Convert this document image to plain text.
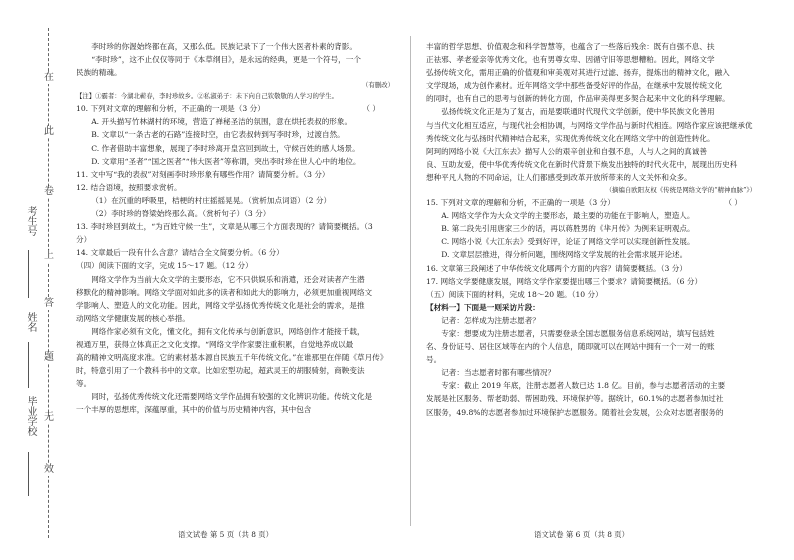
在
此
卷
上
答
题
无
效
考生号
姓名
毕业学校

李时珍的你渥始终都在高，又那么低。民族记录下了一个伟大医者朴素的背影。

“李时珍”，这不止仅仅等同于《本草纲目》，是永远的经典，更是一个符号，一个

民族的精魂。

（有删改）

【注】①霸者：今湖北蕲春，李时珍故乡。②私淑弟子：未下向自己钦敬敬的人学习的学生。

10. 下列对文章的理解和分析，不正确的一项是（3 分）	（ ）

A. 开头描写竹林湖村的环境，营造了禅秘圣洁的氛围，意在烘托表叔的形象。

B. 文章以“一条古老的石路”连接时空，由它表叔转到写李时珍，过渡自然。

C. 作者借助丰富想象，展现了李时珍离开皇宫回到故土，守候百姓的感人场景。

D. 文章用“圣者”“国之医者”“伟大医者”等称谓，突出李时珍在世人心中的地位。

11. 文中写“我的表叔”对刻画李时珍形象有哪些作用？请简要分析。（3 分）

12. 结合语境，按照要求赏析。

（1）在沉重的呼吸里，桔梗的村庄摇摇晃晃。（赏析加点词语）（2 分）

（2）李时珍的脊梁始终那么高。（赏析句子）（3 分）

13. 李时珍回到故土，“为百姓守候一生”，文章是从哪三个方面表现的？请简要概括。（3

分）

14. 文章最后一段有什么含意？请结合全文简要分析。（6 分）

（四）阅读下面的文字，完成 15～17 题。（12 分）

网络文学作为当前大众文学的主要形态，它不只供娱乐和消遣，还会对读者产生潜

移默化的精神影响。网络文学面对如此多的读者和如此大的影响力，必须更加重视网络文

学影响人、塑造人的文化功能。因此，网络文学弘扬优秀传统文化是社会的需求，是推

动网络文学健康发展的核心举措。

网络作家必须有文化，懂文化，拥有文化传承与创新意识，网络创作才能接千载，

视通万里，获得立体真正之文化支撑。“网络文学作家要注重积累，自觉地养成以最

高的精神文明高度求准。它的素材基本源自民族五千年传统文化。”在谁那里在伴随《草月传》

时，特意引用了一个教科书中的文章。比如宏型功起，超武灵王的胡服骑射，商鞅变法

等。

同时，弘扬优秀传统文化还需要网络文学作品拥有较强的文化辨识功能。传统文化是

一个丰厚的思想库，深蕴厚重，其中的价值与历史精神内容，其中包含

丰富的哲学思想、价值观念和科学智慧等，也蕴含了一些落后残余：既有自强不息、扶

正祛邪、孝老爱亲等优秀文化，也有男尊女卑、因循守旧等思想糟粕。因此，网络文学

弘扬传统文化，需用正确的价值观和审美观对其进行过滤、扬弃，提炼出的精神文化，融入

文学现场，成为创作素材。近年网络文学中那些备受好评的作品，在继承中发展传统文化

的同时，也有自己的思考与创新的转化方面，作品审美得更多契合起来中文化的科学理解。

弘扬传统文化正是为了复古，而是要联通时代现代文学创新，使中华民族文化善用

与当代文化相互适应，与现代社会相协调，与网络文学作品与新时代相连。网络作家应该把继承优

秀传统文化与弘扬时代精神结合起来，实现优秀传统文化在网络文学中的创造性转化。

阿珂的网络小说《大江东去》描写人公的艰辛创业和自强不息，人与人之间的真诚善

良、互助友爱，使中华优秀传统文化在新时代背景下焕发出独特的时代火花中，展现出历史科

想种平凡人物的不同命运，让人们都感受到改革开放所带来的人文关怀和众多。

（摘编自欧阳友权《传统是网络文学的“精神血脉”》）

15. 下列对文章的理解和分析，不正确的一项是（3 分）	（ ）

A. 网络文学作为大众文学的主要形态，最主要的功能在于影响人，塑造人。

B. 第二段先引用唐家三少的话，再以蒋胜男的《芈月传》为例来证明观点。

C. 网络小说《大江东去》受到好评，论证了网络文学可以实现创新性发展。

D. 文章层层推进，得分析问题，围绕网络文学发展的社会需求展开论述。

16. 文章第三段阐述了中华传统文化哪两个方面的内容？请简要概括。（3 分）

17. 网络文学要健康发展，网络文学作家要提出哪三个要求？请简要概括。（6 分）

（五）阅读下面的材料，完成 18～20 题。（10 分）

【材料一】下面是一则采访片段：

记者：怎样成为注册志愿者？

专家：想要成为注册志愿者，只需要登录全国志愿服务信息系统网站，填写包括姓

名、身份证号、居住区域等在内的个人信息，随即就可以在网站中拥有一个一对一的账

号。

记者：当志愿者时都有哪些情况？

专家：截止 2019 年底，注册志愿者人数已达 1.8 亿。目前，参与志愿者活动的主要

发展是社区服务、帮老助弱、帮困助残、环境保护等。据统计，60.1%的志愿者参加过社

区服务，49.8%的志愿者参加过环境保护志愿服务。随着社会发展，公众对志愿者服务的

语文试卷 第 5 页（共 8 页）	语文试卷 第 6 页（共 8 页）
